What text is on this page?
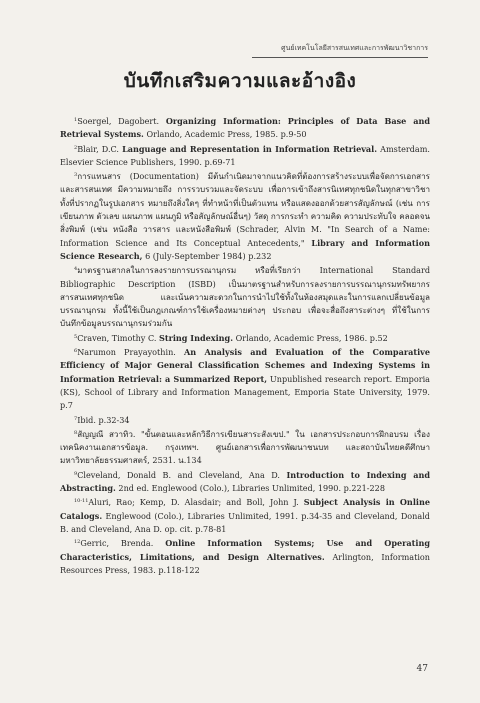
ศูนย์เทคโนโลยีสารสนเทศและการพัฒนาวิชาการ
บันทึกเสริมความและอ้างอิง

$^1$Soergel, Dagobert. Organizing Information: Principles of Data Base and Retrieval Systems. Orlando, Academic Press, 1985. p.9-50

$^2$Blair, D.C. Language and Representation in Information Retrieval. Amsterdam. Elsevier Science Publishers, 1990. p.69-71

$^3$การแทนสาร (Documentation) มีต้นกำเนิดมาจากแนวคิดที่ต้องการสร้างระบบเพื่อจัดการเอกสารและสารสนเทศ มีความหมายถึง การรวบรวมและจัดระบบ เพื่อการเข้าถึงสารนิเทศทุกชนิดในทุกสาขาวิชา ทั้งที่ปรากฏในรูปเอกสาร หมายถึงสิ่งใดๆ ที่ทำหน้าที่เป็นตัวแทน หรือแสดงออกด้วยสารสัญลักษณ์ (เช่น การเขียนภาพ ตัวเลข แผนภาพ แผนภูมิ หรือสัญลักษณ์อื่นๆ) วัสดุ การกระทำ ความคิด ความประทับใจ คลอดจนสิ่งพิมพ์ (เช่น หนังสือ วารสาร และหนังสือพิมพ์ (Schrader, Alvin M. "In Search of a Name: Information Science and Its Conceptual Antecedents," Library and Information Science Research, 6 (July-September 1984) p.232

$^4$มาตรฐานสากลในการลงรายการบรรณานุกรม หรือที่เรียกว่า International Standard Bibliographic Description (ISBD) เป็นมาตรฐานสำหรับการลงรายการบรรณานุกรมทรัพยากรสารสนเทศทุกชนิด และเน้นความสะดวกในการนำไปใช้ทั้งในห้องสมุดและในการแลกเปลี่ยนข้อมูลบรรณานุกรม ทั้งนี้ใช้เป็นกฎเกณฑ์การใช้เครื่องหมายต่างๆ ประกอบ เพื่อจะสื่อถึงสาระต่างๆ ที่ใช้ในการบันทึกข้อมูลบรรณานุกรมร่วมกัน

$^5$Craven, Timothy C. String Indexing. Orlando, Academic Press, 1986. p.52

$^6$Narumon Prayayothin. An Analysis and Evaluation of the Comparative Efficiency of Major General Classification Schemes and Indexing Systems in Information Retrieval: a Summarized Report, Unpublished research report. Emporia (KS), School of Library and Information Management, Emporia State University, 1979. p.7

$^7$Ibid. p.32-34

$^8$สัญญณี สวาทิว. "ขั้นตอนและหลักวิธีการเขียนสาระสังเขป." ใน เอกสารประกอบการฝึกอบรม เรื่องเทคนิคงานเอกสารข้อมูล. กรุงเทพฯ. ศูนย์เอกสารเพื่อการพัฒนาชนบท และสถาบันไทยคดีศึกษา มหาวิทยาลัยธรรมศาสตร์, 2531. น.134

$^9$Cleveland, Donald B. and Cleveland, Ana D. Introduction to Indexing and Abstracting. 2nd ed. Englewood (Colo.), Libraries Unlimited, 1990. p.221-228

$^{10-11}$Aluri, Rao; Kemp, D. Alasdair; and Boll, John J. Subject Analysis in Online Catalogs. Englewood (Colo.), Libraries Unlimited, 1991. p.34-35 and Cleveland, Donald B. and Cleveland, Ana D. op. cit. p.78-81

$^{12}$Gerric, Brenda. Online Information Systems; Use and Operating Characteristics, Limitations, and Design Alternatives. Arlington, Information Resources Press, 1983. p.118-122

47
